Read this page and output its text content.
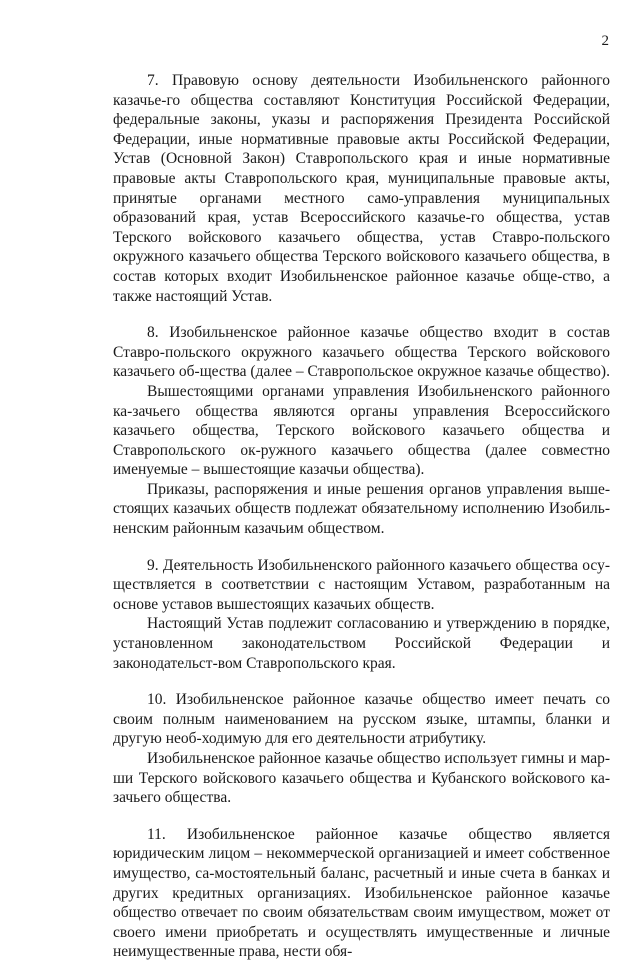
2

7. Правовую основу деятельности Изобильненского районного казачье-го общества составляют Конституция Российской Федерации, федеральные законы, указы и распоряжения Президента Российской Федерации, иные нормативные правовые акты Российской Федерации, Устав (Основной Закон) Ставропольского края и иные нормативные правовые акты Ставропольского края, муниципальные правовые акты, принятые органами местного само-управления муниципальных образований края, устав Всероссийского казачье-го общества, устав Терского войскового казачьего общества, устав Ставро-польского окружного казачьего общества Терского войскового казачьего общества, в состав которых входит Изобильненское районное казачье обще-ство, а также настоящий Устав.

8. Изобильненское районное казачье общество входит в состав Ставро-польского окружного казачьего общества Терского войскового казачьего об-щества (далее – Ставропольское окружное казачье общество).

Вышестоящими органами управления Изобильненского районного ка-зачьего общества являются органы управления Всероссийского казачьего общества, Терского войскового казачьего общества и Ставропольского ок-ружного казачьего общества (далее совместно именуемые – вышестоящие казачьи общества).

Приказы, распоряжения и иные решения органов управления выше-стоящих казачьих обществ подлежат обязательному исполнению Изобиль-ненским районным казачьим обществом.

9. Деятельность Изобильненского районного казачьего общества осу-ществляется в соответствии с настоящим Уставом, разработанным на основе уставов вышестоящих казачьих обществ.

Настоящий Устав подлежит согласованию и утверждению в порядке, установленном законодательством Российской Федерации и законодательст-вом Ставропольского края.

10. Изобильненское районное казачье общество имеет печать со своим полным наименованием на русском языке, штампы, бланки и другую необ-ходимую для его деятельности атрибутику.

Изобильненское районное казачье общество использует гимны и мар-ши Терского войскового казачьего общества и Кубанского войскового ка-зачьего общества.

11. Изобильненское районное казачье общество является юридическим лицом – некоммерческой организацией и имеет собственное имущество, са-мостоятельный баланс, расчетный и иные счета в банках и других кредитных организациях. Изобильненское районное казачье общество отвечает по своим обязательствам своим имуществом, может от своего имени приобретать и осуществлять имущественные и личные неимущественные права, нести обя-
